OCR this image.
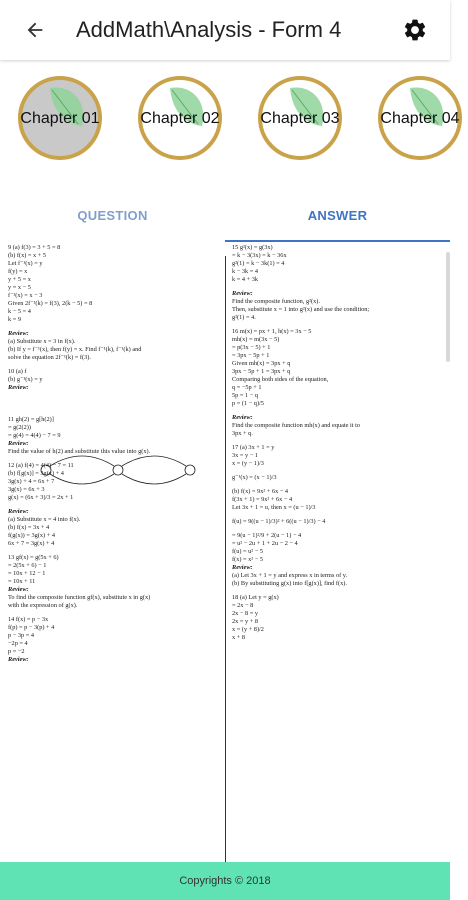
AddMath\Analysis - Form 4
Chapter 01	Chapter 02	Chapter 03	Chapter 04
QUESTION	ANSWER
9 (a) f(3) = 3 + 5 = 8
(b) f(x) = x + 5
Let f⁻¹(x) = y
f(y) = x
y + 5 = x
y = x − 5
f⁻¹(x) = x − 3
Given 2f⁻¹(k) = f(3), 2(k − 5) = 8
k − 5 = 4
k = 9
Review:
(a) Substitute x = 3 in f(x).
(b) If y = f⁻¹(x), then f(y) = x. Find f⁻¹(k), f⁻¹(k) and
solve the equation 2f⁻¹(k) = f(3).
10 (a) f
(b) g⁻¹(x) = y
Review:
11 gh(2) = g[h(2)]
= g(2(2))
= g(4) = 4(4) − 7 = 9
Review:
Find the value of h(2) and substitute this value into g(x).
12 (a) f(4) = 4(4) − 7 = 11
(b) f[g(x)] = 3g(x) + 4
3g(x) + 4 = 6x + 7
3g(x) = 6x + 3
g(x) = (6x + 3)/3 = 2x + 1
Review:
(a) Substitute x = 4 into f(x).
(b) f(x) = 3x + 4
f(g(x)) = 3g(x) + 4
6x + 7 = 3g(x) + 4
13 gf(x) = g(5x + 6)
= 2(5x + 6) − 1
= 10x + 12 − 1
= 10x + 11
Review:
To find the composite function gf(x), substitute x in g(x)
with the expression of g(x).
14 f(x) = p − 3x
f(p) = p − 3(p) + 4
p − 3p = 4
−2p = 4
p = −2
Review:
15 g²(x) = g(3x)
= k − 3(3x) = k − 36x
g²(1) = k − 3k(1) = 4
k − 3k = 4
k = 4 + 3k
Review:
Find the composite function, g²(x).
Then, substitute x = 1 into g²(x) and use the condition;
g²(1) = 4.
16 m(x) = px + 1, h(x) = 3x − 5
mh(x) = m(3x − 5)
= p(3x − 5) + 1
= 3px − 5p + 1
Given mh(x) = 3px + q
3px − 5p + 1 = 3px + q
Comparing both sides of the equation,
q = −5p + 1
5p = 1 − q
p = (1 − q)/5
Review:
Find the composite function mh(x) and equate it to
3px + q.
17 (a) 3x + 1 = y
3x = y − 1
x = (y − 1)/3
g⁻¹(x) = (x − 1)/3
(b) f(x) = 9x² + 6x − 4
f(3x + 1) = 9x² + 6x − 4
Let 3x + 1 = u, then x = (u − 1)/3
f(u) = 9((u − 1)/3)² + 6((u − 1)/3) − 4
= 9(u − 1)²/9 + 2(u − 1) − 4
= u² − 2u + 1 + 2u − 2 − 4
f(u) = u² − 5
f(x) = x² − 5
Review:
(a) Let 3x + 1 = y and express x in terms of y.
(b) By substituting g(x) into f[g(x)], find f(x).
18 (a) Let y = g(x)
= 2x − 8
2x − 8 = y
2x = y + 8
x = (y + 8)/2
x + 8
Copyrights © 2018
